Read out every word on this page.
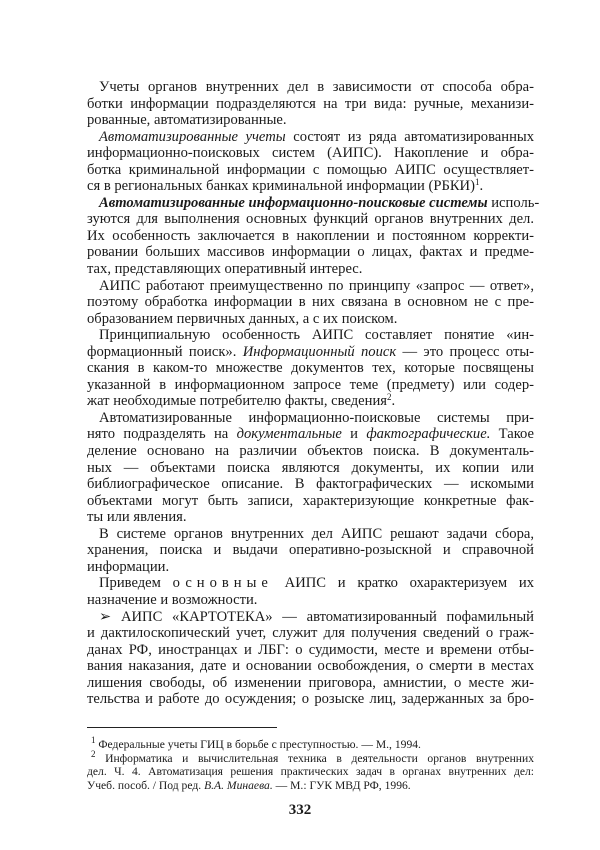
Учеты органов внутренних дел в зависимости от способа обра-
ботки информации подразделяются на три вида: ручные, механизи-
рованные, автоматизированные.
Автоматизированные учеты состоят из ряда автоматизированных
информационно-поисковых систем (АИПС). Накопление и обра-
ботка криминальной информации с помощью АИПС осуществляет-
ся в региональных банках криминальной информации (РБКИ)$^1$.
Автоматизированные информационно-поисковые системы исполь-
зуются для выполнения основных функций органов внутренних дел.
Их особенность заключается в накоплении и постоянном корректи-
ровании больших массивов информации о лицах, фактах и предме-
тах, представляющих оперативный интерес.
АИПС работают преимущественно по принципу «запрос — ответ»,
поэтому обработка информации в них связана в основном не с пре-
образованием первичных данных, а с их поиском.
Принципиальную особенность АИПС составляет понятие «ин-
формационный поиск». Информационный поиск — это процесс оты-
скания в каком-то множестве документов тех, которые посвящены
указанной в информационном запросе теме (предмету) или содер-
жат необходимые потребителю факты, сведения$^2$.
Автоматизированные информационно-поисковые системы при-
нято подразделять на документальные и фактографические. Такое
деление основано на различии объектов поиска. В документаль-
ных — объектами поиска являются документы, их копии или
библиографическое описание. В фактографических — искомыми
объектами могут быть записи, характеризующие конкретные фак-
ты или явления.
В системе органов внутренних дел АИПС решают задачи сбора,
хранения, поиска и выдачи оперативно-розыскной и справочной
информации.
Приведем основные АИПС и кратко охарактеризуем их
назначение и возможности.
➢ АИПС «КАРТОТЕКА» — автоматизированный пофамильный
и дактилоскопический учет, служит для получения сведений о граж-
данах РФ, иностранцах и ЛБГ: о судимости, месте и времени отбы-
вания наказания, дате и основании освобождения, о смерти в местах
лишения свободы, об изменении приговора, амнистии, о месте жи-
тельства и работе до осуждения; о розыске лиц, задержанных за бро-
$^1$ Федеральные учеты ГИЦ в борьбе с преступностью. — М., 1994.
$^2$ Информатика и вычислительная техника в деятельности органов внутренних
дел. Ч. 4. Автоматизация решения практических задач в органах внутренних дел:
Учеб. пособ. / Под ред. В.А. Минаева. — М.: ГУК МВД РФ, 1996.
332
